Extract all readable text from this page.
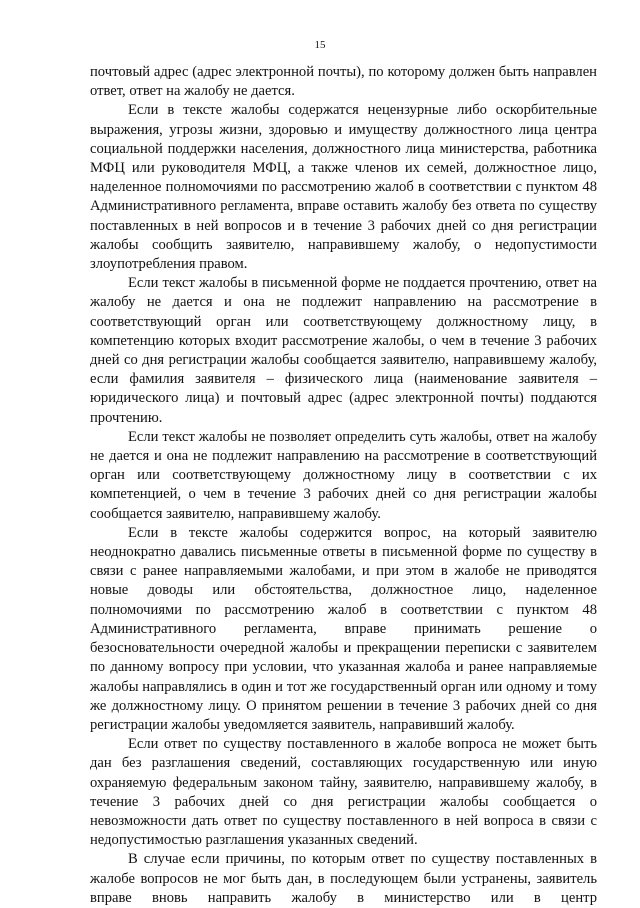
15

почтовый адрес (адрес электронной почты), по которому должен быть направлен ответ, ответ на жалобу не дается.

Если в тексте жалобы содержатся нецензурные либо оскорбительные выражения, угрозы жизни, здоровью и имуществу должностного лица центра социальной поддержки населения, должностного лица министерства, работника МФЦ или руководителя МФЦ, а также членов их семей, должностное лицо, наделенное полномочиями по рассмотрению жалоб в соответствии с пунктом 48 Административного регламента, вправе оставить жалобу без ответа по существу поставленных в ней вопросов и в течение 3 рабочих дней со дня регистрации жалобы сообщить заявителю, направившему жалобу, о недопустимости злоупотребления правом.

Если текст жалобы в письменной форме не поддается прочтению, ответ на жалобу не дается и она не подлежит направлению на рассмотрение в соответствующий орган или соответствующему должностному лицу, в компетенцию которых входит рассмотрение жалобы, о чем в течение 3 рабочих дней со дня регистрации жалобы сообщается заявителю, направившему жалобу, если фамилия заявителя – физического лица (наименование заявителя – юридического лица) и почтовый адрес (адрес электронной почты) поддаются прочтению.

Если текст жалобы не позволяет определить суть жалобы, ответ на жалобу не дается и она не подлежит направлению на рассмотрение в соответствующий орган или соответствующему должностному лицу в соответствии с их компетенцией, о чем в течение 3 рабочих дней со дня регистрации жалобы сообщается заявителю, направившему жалобу.

Если в тексте жалобы содержится вопрос, на который заявителю неоднократно давались письменные ответы в письменной форме по существу в связи с ранее направляемыми жалобами, и при этом в жалобе не приводятся новые доводы или обстоятельства, должностное лицо, наделенное полномочиями по рассмотрению жалоб в соответствии с пунктом 48 Административного регламента, вправе принимать решение о безосновательности очередной жалобы и прекращении переписки с заявителем по данному вопросу при условии, что указанная жалоба и ранее направляемые жалобы направлялись в один и тот же государственный орган или одному и тому же должностному лицу. О принятом решении в течение 3 рабочих дней со дня регистрации жалобы уведомляется заявитель, направивший жалобу.

Если ответ по существу поставленного в жалобе вопроса не может быть дан без разглашения сведений, составляющих государственную или иную охраняемую федеральным законом тайну, заявителю, направившему жалобу, в течение 3 рабочих дней со дня регистрации жалобы сообщается о невозможности дать ответ по существу поставленного в ней вопроса в связи с недопустимостью разглашения указанных сведений.

В случае если причины, по которым ответ по существу поставленных в жалобе вопросов не мог быть дан, в последующем были устранены, заявитель вправе вновь направить жалобу в министерство или в центр
